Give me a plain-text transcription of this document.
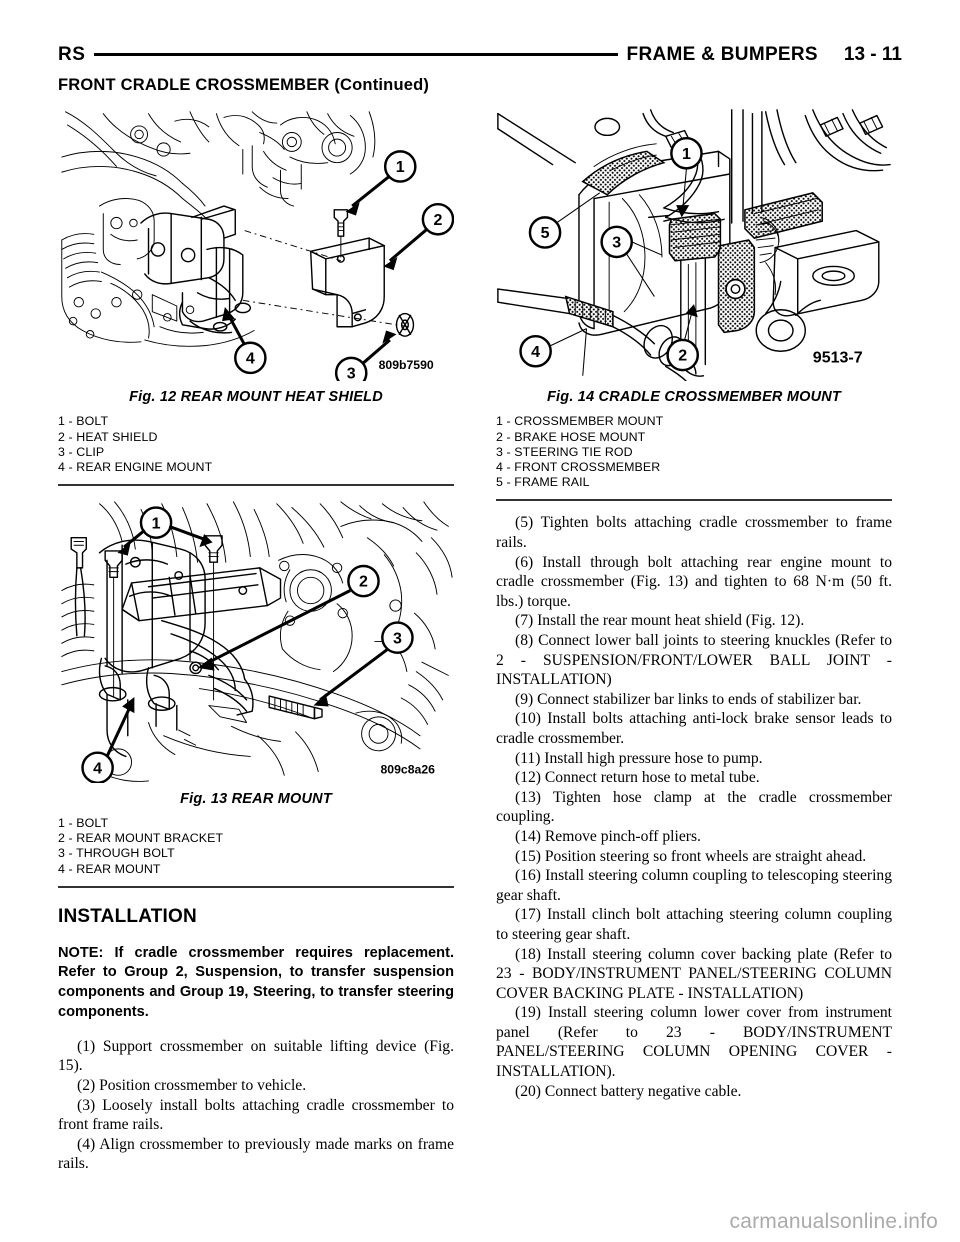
RS	FRAME & BUMPERS 13 - 11
FRONT CRADLE CROSSMEMBER (Continued)
1
2
3
4	809b7590
Fig. 12 REAR MOUNT HEAT SHIELD
1 - BOLT
2 - HEAT SHIELD
3 - CLIP
4 - REAR ENGINE MOUNT
1
2
3
4	809c8a26
Fig. 13 REAR MOUNT
1 - BOLT
2 - REAR MOUNT BRACKET
3 - THROUGH BOLT
4 - REAR MOUNT
INSTALLATION

NOTE: If cradle crossmember requires replacement. Refer to Group 2, Suspension, to transfer suspension components and Group 19, Steering, to transfer steering components.

(1) Support crossmember on suitable lifting device (Fig. 15).

(2) Position crossmember to vehicle.

(3) Loosely install bolts attaching cradle crossmember to front frame rails.

(4) Align crossmember to previously made marks on frame rails.

1
2
3
4
5
9513-7
Fig. 14 CRADLE CROSSMEMBER MOUNT
1 - CROSSMEMBER MOUNT
2 - BRAKE HOSE MOUNT
3 - STEERING TIE ROD
4 - FRONT CROSSMEMBER
5 - FRAME RAIL

(5) Tighten bolts attaching cradle crossmember to frame rails.

(6) Install through bolt attaching rear engine mount to cradle crossmember (Fig. 13) and tighten to 68 N·m (50 ft. lbs.) torque.

(7) Install the rear mount heat shield (Fig. 12).

(8) Connect lower ball joints to steering knuckles (Refer to 2 - SUSPENSION/FRONT/LOWER BALL JOINT - INSTALLATION)

(9) Connect stabilizer bar links to ends of stabilizer bar.

(10) Install bolts attaching anti-lock brake sensor leads to cradle crossmember.

(11) Install high pressure hose to pump.

(12) Connect return hose to metal tube.

(13) Tighten hose clamp at the cradle crossmember coupling.

(14) Remove pinch-off pliers.

(15) Position steering so front wheels are straight ahead.

(16) Install steering column coupling to telescoping steering gear shaft.

(17) Install clinch bolt attaching steering column coupling to steering gear shaft.

(18) Install steering column cover backing plate (Refer to 23 - BODY/INSTRUMENT PANEL/STEERING COLUMN COVER BACKING PLATE - INSTALLATION)

(19) Install steering column lower cover from instrument panel (Refer to 23 - BODY/INSTRUMENT PANEL/STEERING COLUMN OPENING COVER - INSTALLATION).

(20) Connect battery negative cable.

carmanualsonline.info
